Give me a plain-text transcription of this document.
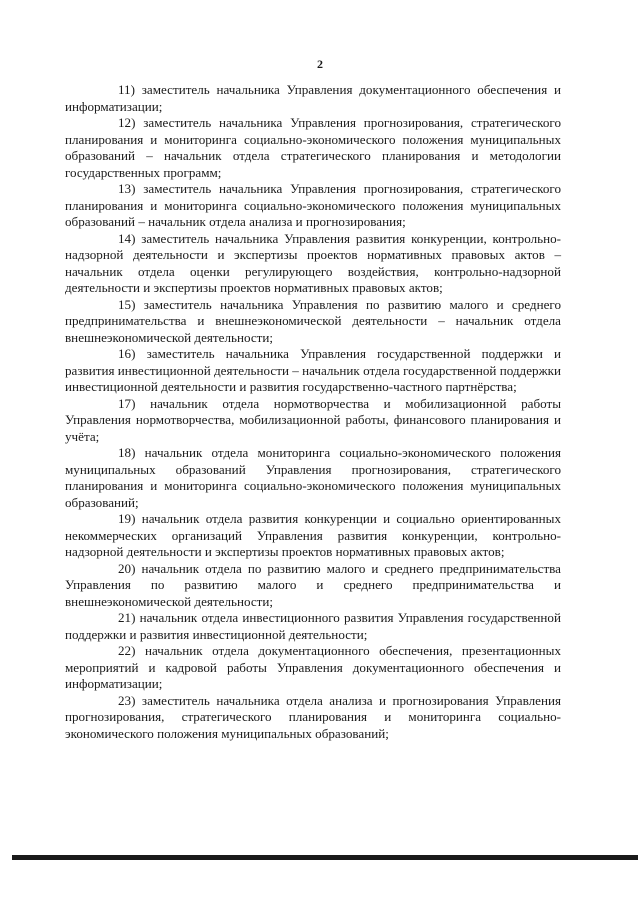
2

11) заместитель начальника Управления документационного обеспечения и информатизации;

12) заместитель начальника Управления прогнозирования, стратегического планирования и мониторинга социально-экономического положения муниципальных образований – начальник отдела стратегического планирования и методологии государственных программ;

13) заместитель начальника Управления прогнозирования, стратегического планирования и мониторинга социально-экономического положения муниципальных образований – начальник отдела анализа и прогнозирования;

14) заместитель начальника Управления развития конкуренции, контрольно-надзорной деятельности и экспертизы проектов нормативных правовых актов – начальник отдела оценки регулирующего воздействия, контрольно-надзорной деятельности и экспертизы проектов нормативных правовых актов;

15) заместитель начальника Управления по развитию малого и среднего предпринимательства и внешнеэкономической деятельности – начальник отдела внешнеэкономической деятельности;

16) заместитель начальника Управления государственной поддержки и развития инвестиционной деятельности – начальник отдела государственной поддержки инвестиционной деятельности и развития государственно-частного партнёрства;

17) начальник отдела нормотворчества и мобилизационной работы Управления нормотворчества, мобилизационной работы, финансового планирования и учёта;

18) начальник отдела мониторинга социально-экономического положения муниципальных образований Управления прогнозирования, стратегического планирования и мониторинга социально-экономического положения муниципальных образований;

19) начальник отдела развития конкуренции и социально ориентированных некоммерческих организаций Управления развития конкуренции, контрольно-надзорной деятельности и экспертизы проектов нормативных правовых актов;

20) начальник отдела по развитию малого и среднего предпринимательства Управления по развитию малого и среднего предпринимательства и внешнеэкономической деятельности;

21) начальник отдела инвестиционного развития Управления государственной поддержки и развития инвестиционной деятельности;

22) начальник отдела документационного обеспечения, презентационных мероприятий и кадровой работы Управления документационного обеспечения и информатизации;

23) заместитель начальника отдела анализа и прогнозирования Управления прогнозирования, стратегического планирования и мониторинга социально-экономического положения муниципальных образований;
